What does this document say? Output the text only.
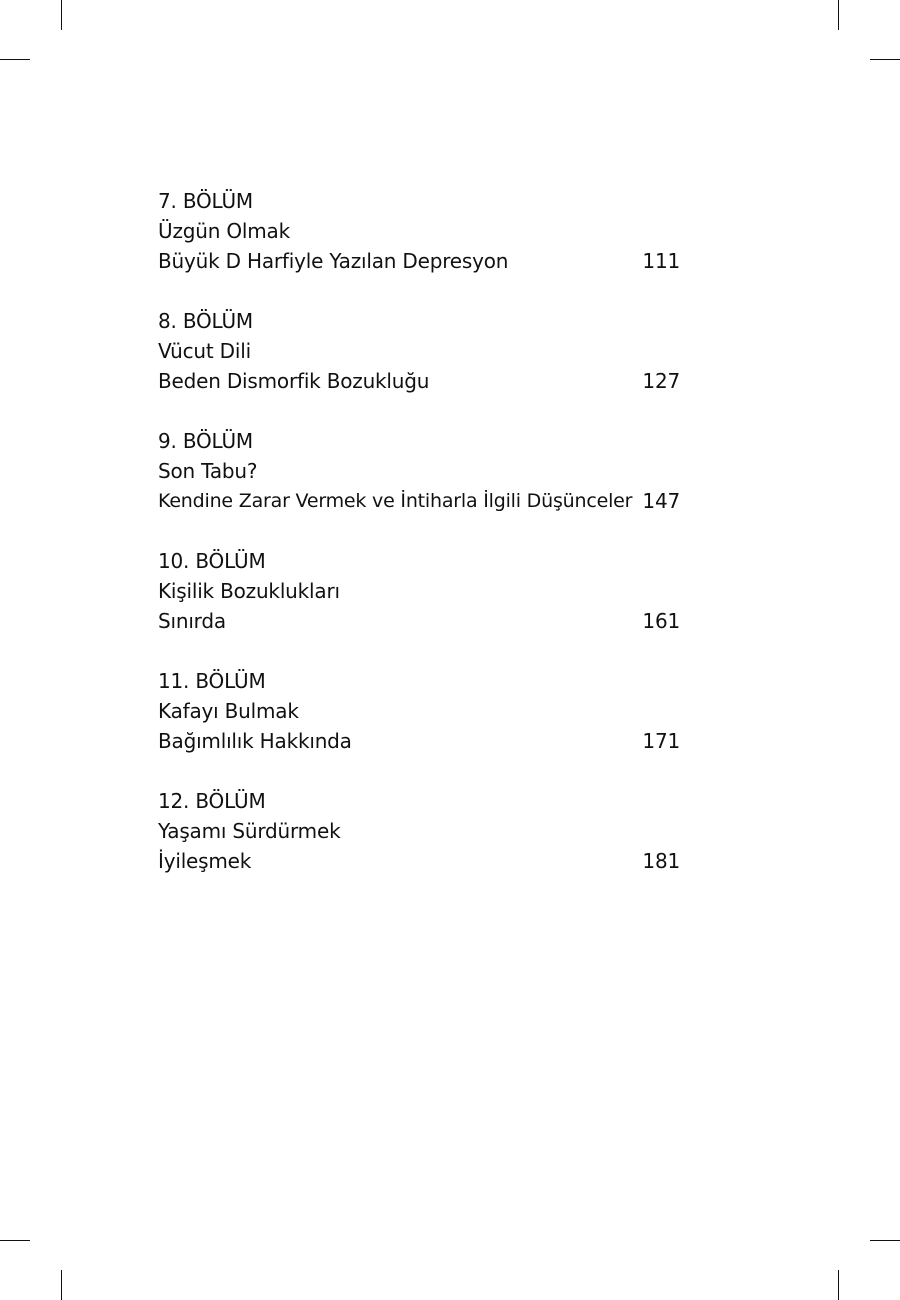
7. BÖLÜM
Üzgün Olmak
Büyük D Harfiyle Yazılan Depresyon	111
8. BÖLÜM
Vücut Dili
Beden Dismorfik Bozukluğu	127
9. BÖLÜM
Son Tabu?
Kendine Zarar Vermek ve İntiharla İlgili Düşünceler 147
10. BÖLÜM
Kişilik Bozuklukları
Sınırda	161
11. BÖLÜM
Kafayı Bulmak
Bağımlılık Hakkında	171
12. BÖLÜM
Yaşamı Sürdürmek
İyileşmek	181
